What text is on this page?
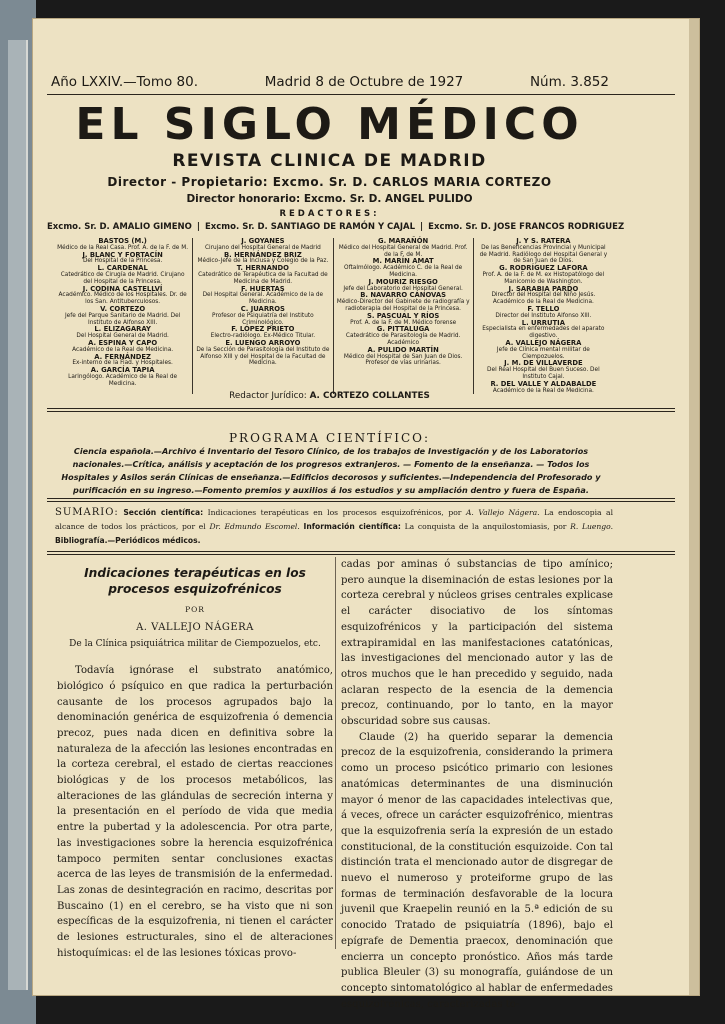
Año LXXIV.—Tomo 80.	Madrid 8 de Octubre de 1927	Núm. 3.852
EL SIGLO MÉDICO
REVISTA CLINICA DE MADRID
Director - Propietario: Excmo. Sr. D. CARLOS MARIA CORTEZO
Director honorario: Excmo. Sr. D. ANGEL PULIDO
REDACTORES:
Excmo. Sr. D. AMALIO GIMENO | Excmo. Sr. D. SANTIAGO DE RAMÓN Y CAJAL | Excmo. Sr. D. JOSE FRANCOS RODRIGUEZ
BASTOS (M.)
Médico de la Real Casa. Prof. A. de la F. de M.
J. BLANC Y FORTACÍN
Del Hospital de la Princesa.
L. CARDENAL
Catedrático de Cirugía de Madrid. Cirujano del Hospital de la Princesa.
J. CODINA CASTELLVÍ
Académico. Médico de los Hospitales. Dr. de los San. Antituberculosos.
V. CORTEZO
Jefe del Parque Sanitario de Madrid. Del Instituto de Alfonso XIII.
L. ELIZAGARAY
Del Hospital General de Madrid.
A. ESPINA Y CAPO
Académico de la Real de Medicina.
A. FERNÁNDEZ
Ex-interno de la Fiad. y Hospitales.
A. GARCÍA TAPIA
Laringólogo. Académico de la Real de Medicina.
J. GOYANES
Cirujano del Hospital General de Madrid
B. HERNÁNDEZ BRIZ
Médico-Jefe de la Inclusa y Colegio de la Paz.
T. HERNANDO
Catedrático de Terapéutica de la Facultad de Medicina de Madrid.
F. HUERTAS
Del Hospital General. Académico de la de Medicina.
C. JUARROS
Profesor de Psiquiatría del Instituto Criminológico.
F. LÓPEZ PRIETO
Electro-radiólogo. Ex-Médico Titular.
E. LUENGO ARROYO
De la Sección de Parasitología del Instituto de Alfonso XIII y del Hospital de la Facultad de Medicina.
G. MARAÑÓN
Médico del Hospital General de Madrid. Prof. de la F. de M.
M. MARÍN AMAT
Oftalmólogo. Académico C. de la Real de Medicina.
J. MOURIZ RIESGO
Jefe del Laboratorio del Hospital General.
B. NAVARRO CÁNOVAS
Médico-Director del Gabinete de radiografía y radioterapia del Hospital de la Princesa.
S. PASCUAL Y RÍOS
Prof. A. de la F. de M. Médico forense
G. PITTALUGA
Catedrático de Parasitología de Madrid. Académico
A. PULIDO MARTÍN
Médico del Hospital de San Juan de Dios. Profesor de vías urinarias.
J. Y S. RATERA
De las Beneficencias Provincial y Municipal de Madrid. Radiólogo del Hospital General y de San Juan de Dios.
G. RODRÍGUEZ LAFORA
Prof. A. de la F. de M. ex Histopatólogo del Manicomio de Washington.
J. SARABIA PARDO
Director del Hospital del Niño Jesús. Académico de la Real de Medicina.
F. TELLO
Director del Instituto Alfonso XIII.
L. URRUTIA
Especialista en enfermedades del aparato digestivo.
A. VALLEJO NÁGERA
Jefe de Clínica mental militar de Ciempozuelos.
J. M. DE VILLAVERDE
Del Real Hospital del Buen Suceso. Del Instituto Cajal.
R. DEL VALLE Y ALDABALDE
Académico de la Real de Medicina.
Redactor Jurídico: A. CORTEZO COLLANTES
PROGRAMA CIENTÍFICO:
Ciencia española.—Archivo é Inventario del Tesoro Clínico, de los trabajos de Investigación y de los Laboratorios nacionales.—Crítica, análisis y aceptación de los progresos extranjeros. — Fomento de la enseñanza. — Todos los Hospitales y Asilos serán Clínicas de enseñanza.—Edificios decorosos y suficientes.—Independencia del Profesorado y purificación en su ingreso.—Fomento premios y auxilios á los estudios y su ampliación dentro y fuera de España.
SUMARIO: Sección científica: Indicaciones terapéuticas en los procesos esquizofrénicos, por A. Vallejo Nágera. La endoscopia al alcance de todos los prácticos, por el Dr. Edmundo Escomel. Información científica: La conquista de la anquilostomiasis, por R. Luengo. Bibliografía.—Periódicos médicos.
Indicaciones terapéuticas en los procesos esquizofrénicos
POR
A. VALLEJO NÁGERA
De la Clínica psiquiátrica militar de Ciempozuelos, etc.

Todavía ignórase el substrato anatómico, biológico ó psíquico en que radica la perturbación causante de los procesos agrupados bajo la denominación genérica de esquizofrenia ó demencia precoz, pues nada dicen en definitiva sobre la naturaleza de la afección las lesiones encontradas en la corteza cerebral, el estado de ciertas reacciones biológicas y de los procesos metabólicos, las alteraciones de las glándulas de secreción interna y la presentación en el período de vida que media entre la pubertad y la adolescencia. Por otra parte, las investigaciones sobre la herencia esquizofrénica tampoco permiten sentar conclusiones exactas acerca de las leyes de transmisión de la enfermedad. Las zonas de desintegración en racimo, descritas por Buscaino (1) en el cerebro, se ha visto que ni son específicas de la esquizofrenia, ni tienen el carácter de lesiones estructurales, sino el de alteraciones histoquímicas: el de las lesiones tóxicas provo-

cadas por aminas ó substancias de tipo amínico; pero aunque la diseminación de estas lesiones por la corteza cerebral y núcleos grises centrales explicase el carácter disociativo de los síntomas esquizofrénicos y la participación del sistema extrapiramidal en las manifestaciones catatónicas, las investigaciones del mencionado autor y las de otros muchos que le han precedido y seguido, nada aclaran respecto de la esencia de la demencia precoz, continuando, por lo tanto, en la mayor obscuridad sobre sus causas.

Claude (2) ha querido separar la demencia precoz de la esquizofrenia, considerando la primera como un proceso psicótico primario con lesiones anatómicas determinantes de una disminución mayor ó menor de las capacidades intelectivas que, á veces, ofrece un carácter esquizofrénico, mientras que la esquizofrenia sería la expresión de un estado constitucional, de la constitución esquizoide. Con tal distinción trata el mencionado autor de disgregar de nuevo el numeroso y proteiforme grupo de las formas de terminación desfavorable de la locura juvenil que Kraepelin reunió en la 5.ª edición de su conocido Tratado de psiquiatría (1896), bajo el epígrafe de Dementia praecox, denominación que encierra un concepto pronóstico. Años más tarde publica Bleuler (3) su monografía, guiándose de un concepto sintomatológico al hablar de enfermedades esquizofrénicas, caracterizadas to-
